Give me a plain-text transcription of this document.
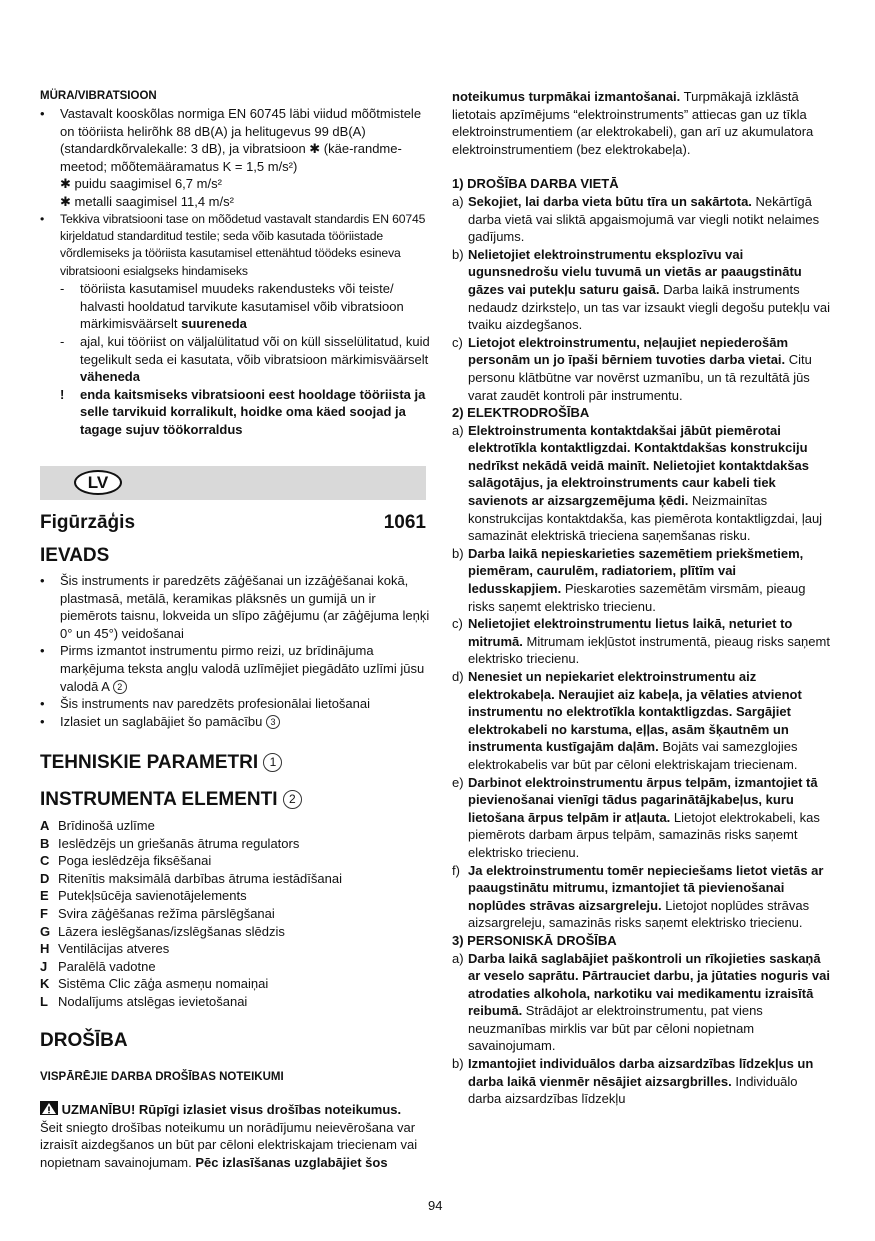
MÜRA/VIBRATSIOON
•	Vastavalt kooskõlas normiga EN 60745 läbi viidud mõõtmistele on tööriista helirõhk 88 dB(A) ja helitugevus 99 dB(A) (standardkõrvalekalle: 3 dB), ja vibratsioon ✱ (käe-randme-meetod; mõõtemääramatus K = 1,5 m/s²)
✱ puidu saagimisel 6,7 m/s²
✱ metalli saagimisel 11,4 m/s²
•	Tekkiva vibratsiooni tase on mõõdetud vastavalt standardis EN 60745 kirjeldatud standarditud testile; seda võib kasutada tööriistade võrdlemiseks ja tööriista kasutamisel ettenähtud töödeks esineva vibratsiooni esialgseks hindamiseks
-	tööriista kasutamisel muudeks rakendusteks või teiste/ halvasti hooldatud tarvikute kasutamisel võib vibratsioon märkimisväärselt suureneda
-	ajal, kui tööriist on väljalülitatud või on küll sisselülitatud, kuid tegelikult seda ei kasutata, võib vibratsioon märkimisväärselt väheneda
!	enda kaitsmiseks vibratsiooni eest hooldage tööriista ja selle tarvikuid korralikult, hoidke oma käed soojad ja tagage sujuv töökorraldus
LV
Figūrzāģis	1061
IEVADS
•	Šis instruments ir paredzēts zāģēšanai un izzāģēšanai kokā, plastmasā, metālā, keramikas plāksnēs un gumijā un ir piemērots taisnu, lokveida un slīpo zāģējumu (ar zāģējuma leņķi 0° un 45°) veidošanai
•	Pirms izmantot instrumentu pirmo reizi, uz brīdinājuma marķējuma teksta angļu valodā uzlīmējiet piegādāto uzlīmi jūsu valodā A 2
•	Šis instruments nav paredzēts profesionālai lietošanai
•	Izlasiet un saglabājiet šo pamācību 3
TEHNISKIE PARAMETRI 1
INSTRUMENTA ELEMENTI 2
A Brīdinošā uzlīme
B Ieslēdzējs un griešanās ātruma regulators
C Poga ieslēdzēja fiksēšanai
D Ritenītis maksimālā darbības ātruma iestādīšanai
E Putekļsūcēja savienotājelements
F Svira zāģēšanas režīma pārslēgšanai
G Lāzera ieslēgšanas/izslēgšanas slēdzis
H Ventilācijas atveres
J Paralēlā vadotne
K Sistēma Clic zāģa asmeņu nomaiņai
L Nodalījums atslēgas ievietošanai
DROŠĪBA
VISPĀRĒJIE DARBA DROŠĪBAS NOTEIKUMI
UZMANĪBU! Rūpīgi izlasiet visus drošības noteikumus. Šeit sniegto drošības noteikumu un norādījumu neievērošana var izraisīt aizdegšanos un būt par cēloni elektriskajam triecienam vai nopietnam savainojumam. Pēc izlasīšanas uzglabājiet šos
noteikumus turpmākai izmantošanai. Turpmākajā izklāstā lietotais apzīmējums “elektroinstruments” attiecas gan uz tīkla elektroinstrumentiem (ar elektrokabeli), gan arī uz akumulatora elektroinstrumentiem (bez elektrokabeļa).
1) DROŠĪBA DARBA VIETĀ
a) Sekojiet, lai darba vieta būtu tīra un sakārtota. Nekārtīgā darba vietā vai sliktā apgaismojumā var viegli notikt nelaimes gadījums.
b) Nelietojiet elektroinstrumentu eksplozīvu vai ugunsnedrošu vielu tuvumā un vietās ar paaugstinātu gāzes vai putekļu saturu gaisā. Darba laikā instruments nedaudz dzirksteļo, un tas var izsaukt viegli degošu putekļu vai tvaiku aizdegšanos.
c) Lietojot elektroinstrumentu, neļaujiet nepiederošām personām un jo īpaši bērniem tuvoties darba vietai. Citu personu klātbūtne var novērst uzmanību, un tā rezultātā jūs varat zaudēt kontroli pār instrumentu.
2) ELEKTRODROŠĪBA
a) Elektroinstrumenta kontaktdakšai jābūt piemērotai elektrotīkla kontaktligzdai. Kontaktdakšas konstrukciju nedrīkst nekādā veidā mainīt. Nelietojiet kontaktdakšas salāgotājus, ja elektroinstruments caur kabeli tiek savienots ar aizsargzemējuma ķēdi. Neizmainītas konstrukcijas kontaktdakša, kas piemērota kontaktligzdai, ļauj samazināt elektriskā trieciena saņemšanas risku.
b) Darba laikā nepieskarieties sazemētiem priekšmetiem, piemēram, caurulēm, radiatoriem, plītīm vai ledusskapjiem. Pieskaroties sazemētām virsmām, pieaug risks saņemt elektrisko triecienu.
c) Nelietojiet elektroinstrumentu lietus laikā, neturiet to mitrumā. Mitrumam iekļūstot instrumentā, pieaug risks saņemt elektrisko triecienu.
d) Nenesiet un nepiekariet elektroinstrumentu aiz elektrokabeļa. Neraujiet aiz kabeļa, ja vēlaties atvienot instrumentu no elektrotīkla kontaktligzdas. Sargājiet elektrokabeli no karstuma, eļļas, asām šķautnēm un instrumenta kustīgajām daļām. Bojāts vai samezglojies elektrokabelis var būt par cēloni elektriskajam triecienam.
e) Darbinot elektroinstrumentu ārpus telpām, izmantojiet tā pievienošanai vienīgi tādus pagarinātājkabeļus, kuru lietošana ārpus telpām ir atļauta. Lietojot elektrokabeli, kas piemērots darbam ārpus telpām, samazinās risks saņemt elektrisko triecienu.
f) Ja elektroinstrumentu tomēr nepieciešams lietot vietās ar paaugstinātu mitrumu, izmantojiet tā pievienošanai noplūdes strāvas aizsargreleju. Lietojot noplūdes strāvas aizsargreleju, samazinās risks saņemt elektrisko triecienu.
3) PERSONISKĀ DROŠĪBA
a) Darba laikā saglabājiet paškontroli un rīkojieties saskaņā ar veselo saprātu. Pārtrauciet darbu, ja jūtaties noguris vai atrodaties alkohola, narkotiku vai medikamentu izraisītā reibumā. Strādājot ar elektroinstrumentu, pat viens neuzmanības mirklis var būt par cēloni nopietnam savainojumam.
b) Izmantojiet individuālos darba aizsardzības līdzekļus un darba laikā vienmēr nēsājiet aizsargbrilles. Individuālo darba aizsardzības līdzekļu
94
